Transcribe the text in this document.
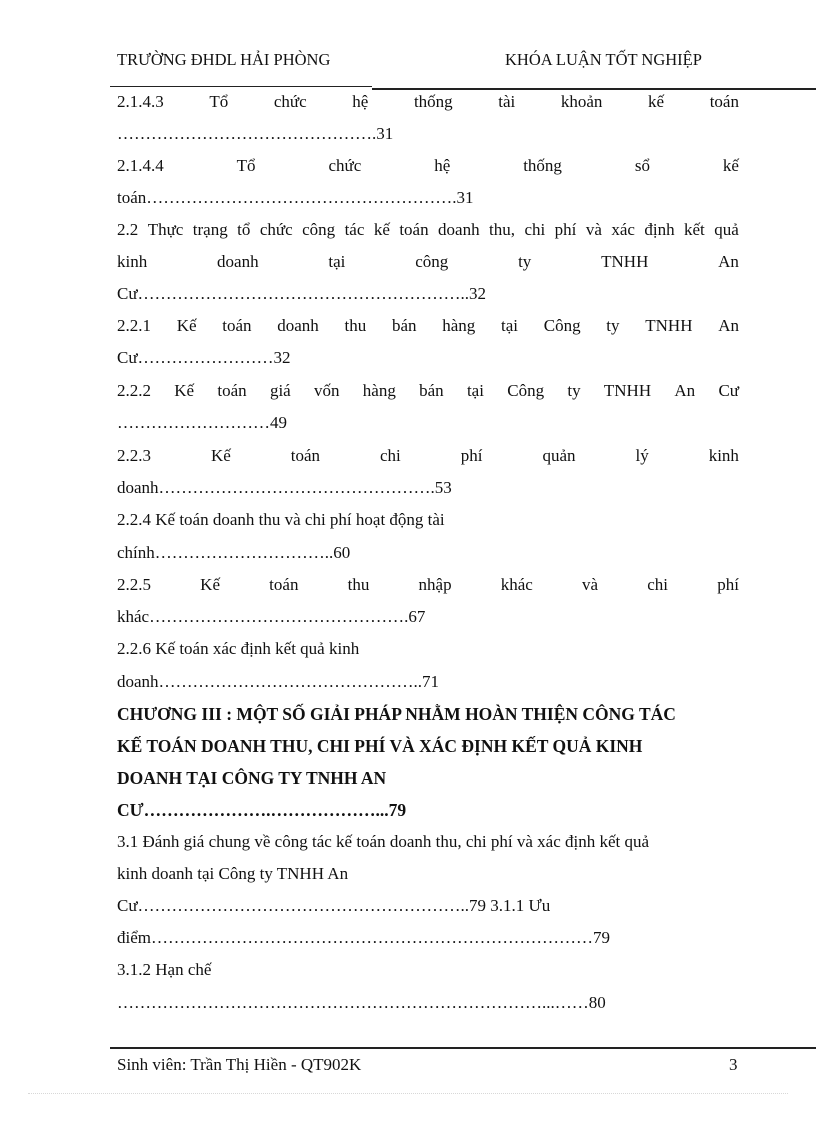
TRƯỜNG ĐHDL HẢI PHÒNG	KHÓA LUẬN TỐT NGHIỆP
2.1.4.3	Tổ	chức	hệ	thống	tài	khoản	kế	toán
……………………………………….31
2.1.4.4	Tổ	chức	hệ	thống	sổ	kế
toán……………………………………………….31
2.2 Thực trạng tổ chức công tác kế toán doanh thu, chi phí và xác định kết quả
kinh	doanh	tại	công	ty	TNHH	An
Cư…………………………………………………..32
2.2.1 Kế toán doanh thu bán hàng tại Công ty TNHH An
Cư……………………32
2.2.2 Kế toán giá vốn hàng bán tại Công ty TNHH An Cư
………………………49
2.2.3	Kế	toán	chi	phí	quản	lý	kinh
doanh………………………………………….53
2.2.4 Kế toán doanh thu và chi phí hoạt động tài
chính…………………………..60
2.2.5	Kế	toán	thu	nhập	khác	và	chi	phí
khác……………………………………….67
2.2.6 Kế toán xác định kết quả kinh
doanh………………………………………..71
CHƯƠNG III : MỘT SỐ GIẢI PHÁP NHẰM HOÀN THIỆN CÔNG TÁC
KẾ TOÁN DOANH THU, CHI PHÍ VÀ XÁC ĐỊNH KẾT QUẢ KINH
DOANH TẠI CÔNG TY TNHH AN
CƯ………………….………………...79
3.1 Đánh giá chung về công tác kế toán doanh thu, chi phí và xác định kết quả
kinh doanh tại Công ty TNHH An
Cư…………………………………………………..79 3.1.1 Ưu
điểm……………………………………………………………………79
3.1.2 Hạn chế
…………………………………………………………………...……80
Sinh viên: Trần Thị Hiền - QT902K	3
